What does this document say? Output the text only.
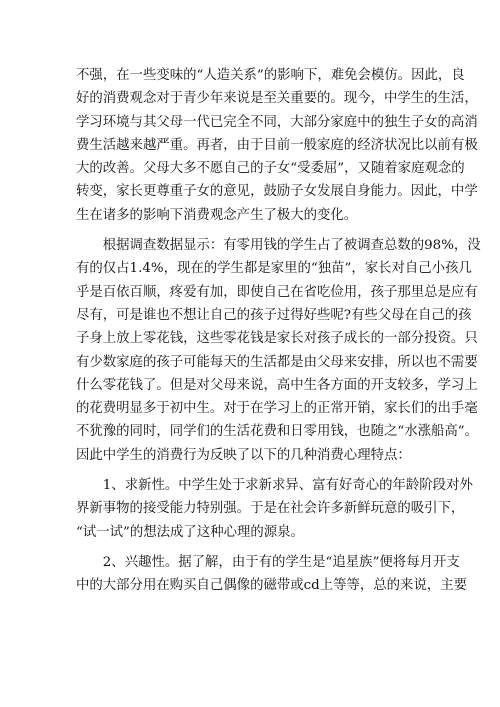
不强，在一些变味的“人造关系”的影响下，难免会模仿。因此，良
好的消费观念对于青少年来说是至关重要的。现今，中学生的生活，
学习环境与其父母一代已完全不同，大部分家庭中的独生子女的高消
费生活越来越严重。再者，由于目前一般家庭的经济状况比以前有极
大的改善。父母大多不愿自己的子女“受委屈”，又随着家庭观念的
转变，家长更尊重子女的意见，鼓励子女发展自身能力。因此，中学
生在诸多的影响下消费观念产生了极大的变化。
　　根据调查数据显示：有零用钱的学生占了被调查总数的98%，没
有的仅占1.4%，现在的学生都是家里的“独苗”，家长对自己小孩几
乎是百依百顺，疼爱有加，即使自己在省吃俭用，孩子那里总是应有
尽有，可是谁也不想让自己的孩子过得好些呢?有些父母在自己的孩
子身上放上零花钱，这些零花钱是家长对孩子成长的一部分投资。只
有少数家庭的孩子可能每天的生活都是由父母来安排，所以也不需要
什么零花钱了。但是对父母来说，高中生各方面的开支较多，学习上
的花费明显多于初中生。对于在学习上的正常开销，家长们的出手毫
不犹豫的同时，同学们的生活花费和日零用钱，也随之“水涨船高”。
因此中学生的消费行为反映了以下的几种消费心理特点：
　　1、求新性。中学生处于求新求异、富有好奇心的年龄阶段对外
界新事物的接受能力特别强。于是在社会许多新鲜玩意的吸引下，
“试一试”的想法成了这种心理的源泉。
　　2、兴趣性。据了解，由于有的学生是“追星族”便将每月开支
中的大部分用在购买自己偶像的磁带或cd上等等，总的来说，主要
